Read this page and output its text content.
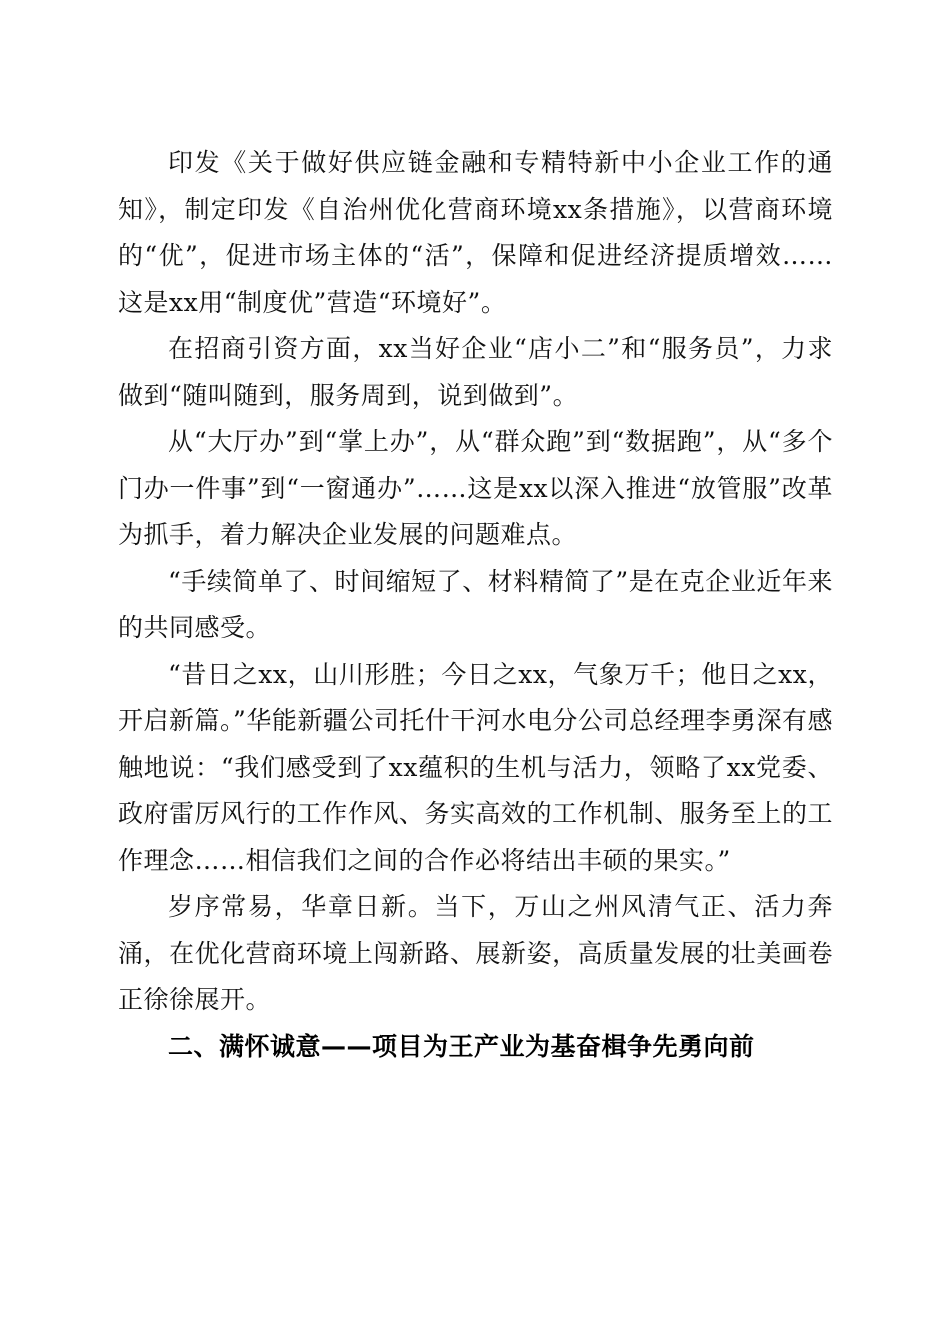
印发《关于做好供应链金融和专精特新中小企业工作的通知》，制定印发《自治州优化营商环境xx条措施》，以营商环境的“优”，促进市场主体的“活”，保障和促进经济提质增效……这是xx用“制度优”营造“环境好”。

在招商引资方面，xx当好企业“店小二”和“服务员”，力求做到“随叫随到，服务周到，说到做到”。

从“大厅办”到“掌上办”，从“群众跑”到“数据跑”，从“多个门办一件事”到“一窗通办”……这是xx以深入推进“放管服”改革为抓手，着力解决企业发展的问题难点。

“手续简单了、时间缩短了、材料精简了”是在克企业近年来的共同感受。

“昔日之xx，山川形胜；今日之xx，气象万千；他日之xx，开启新篇。”华能新疆公司托什干河水电分公司总经理李勇深有感触地说：“我们感受到了xx蕴积的生机与活力，领略了xx党委、政府雷厉风行的工作作风、务实高效的工作机制、服务至上的工作理念……相信我们之间的合作必将结出丰硕的果实。”

岁序常易，华章日新。当下，万山之州风清气正、活力奔涌，在优化营商环境上闯新路、展新姿，高质量发展的壮美画卷正徐徐展开。

二、满怀诚意——项目为王产业为基奋楫争先勇向前
